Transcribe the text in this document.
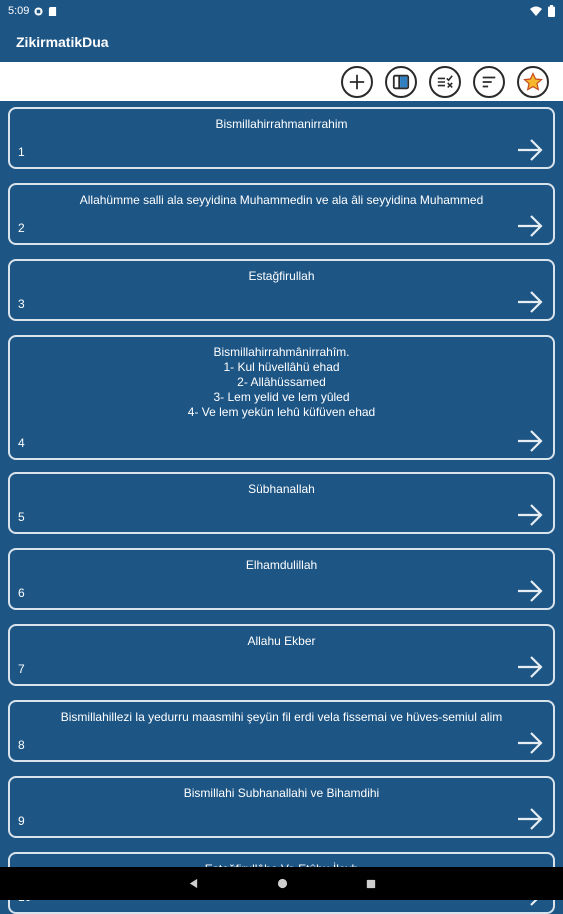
5:09
ZikirmatikDua
Bismillahirrahmanirrahim
1
Allahümme salli ala seyyidina Muhammedin ve ala âli seyyidina Muhammed
2
Estağfirullah
3
Bismillahirrahmânirrahîm.
1- Kul hüvellâhü ehad
2- Allâhüssamed
3- Lem yelid ve lem yûled
4- Ve lem yekün lehû küfüven ehad
4
Sübhanallah
5
Elhamdulillah
6
Allahu Ekber
7
Bismillahillezi la yedurru maasmihi şeyün fil erdi vela fissemai ve hüves-semiul alim
8
Bismillahi Subhanallahi ve Bihamdihi
9
